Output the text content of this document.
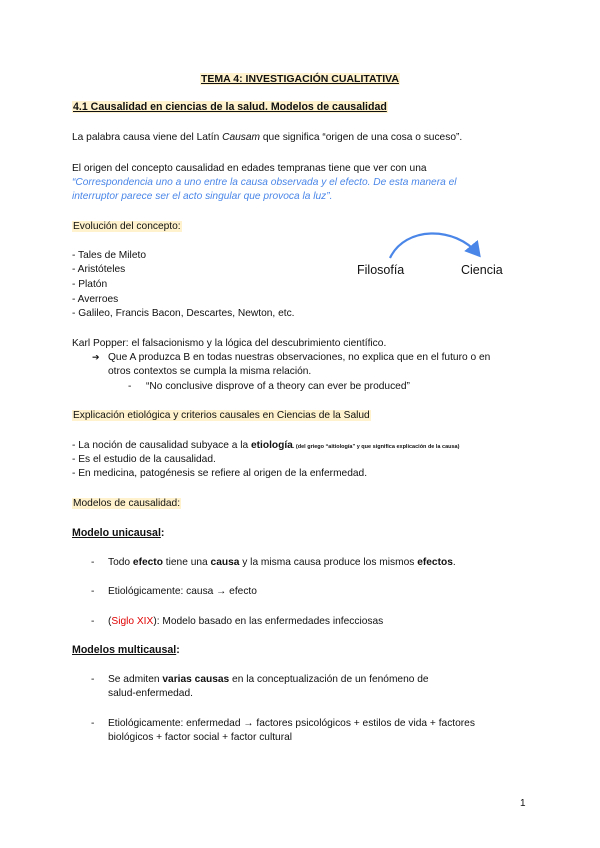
TEMA 4: INVESTIGACIÓN CUALITATIVA
4.1 Causalidad en ciencias de la salud. Modelos de causalidad
La palabra causa viene del Latín Causam que significa “origen de una cosa o suceso”.
El origen del concepto causalidad en edades tempranas tiene que ver con una
“Correspondencia uno a uno entre la causa observada y el efecto. De esta manera el
interruptor parece ser el acto singular que provoca la luz”.
Evolución del concepto:
- Tales de Mileto
- Aristóteles
- Platón
- Averroes
- Galileo, Francis Bacon, Descartes, Newton, etc.
Filosofía	Ciencia
Karl Popper: el falsacionismo y la lógica del descubrimiento científico.
➔ Que A produzca B en todas nuestras observaciones, no explica que en el futuro o en
otros contextos se cumpla la misma relación.
- “No conclusive disprove of a theory can ever be produced”
Explicación etiológica y criterios causales en Ciencias de la Salud
- La noción de causalidad subyace a la etiología. (del griego “aitiología” y que significa explicación de la causa)
- Es el estudio de la causalidad.
- En medicina, patogénesis se refiere al origen de la enfermedad.
Modelos de causalidad:
Modelo unicausal:
- Todo efecto tiene una causa y la misma causa produce los mismos efectos.
- Etiológicamente: causa → efecto
- (Siglo XIX): Modelo basado en las enfermedades infecciosas
Modelos multicausal:
- Se admiten varias causas en la conceptualización de un fenómeno de
salud-enfermedad.
- Etiológicamente: enfermedad → factores psicológicos + estilos de vida + factores
biológicos + factor social + factor cultural
1
